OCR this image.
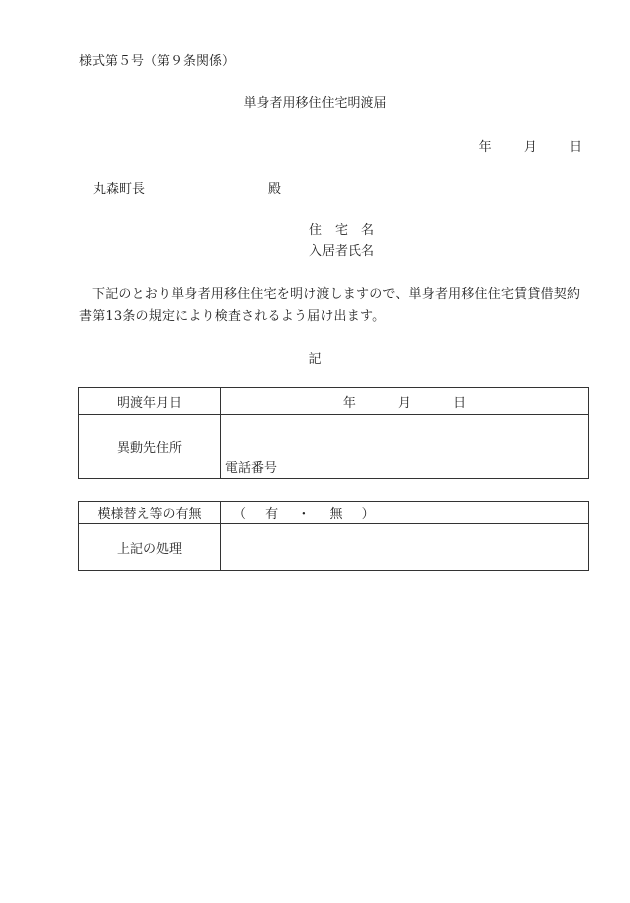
様式第５号（第９条関係）
単身者用移住住宅明渡届
年 月 日
丸森町長	殿
住　宅　名
入居者氏名
下記のとおり単身者用移住住宅を明け渡しますので、単身者用移住住宅賃貸借契約書第13条の規定により検査されるよう届け出ます。
記
明渡年月日	年 月 日
異動先住所	電話番号
模様替え等の有無	（ 有 ・ 無 ）
上記の処理	
